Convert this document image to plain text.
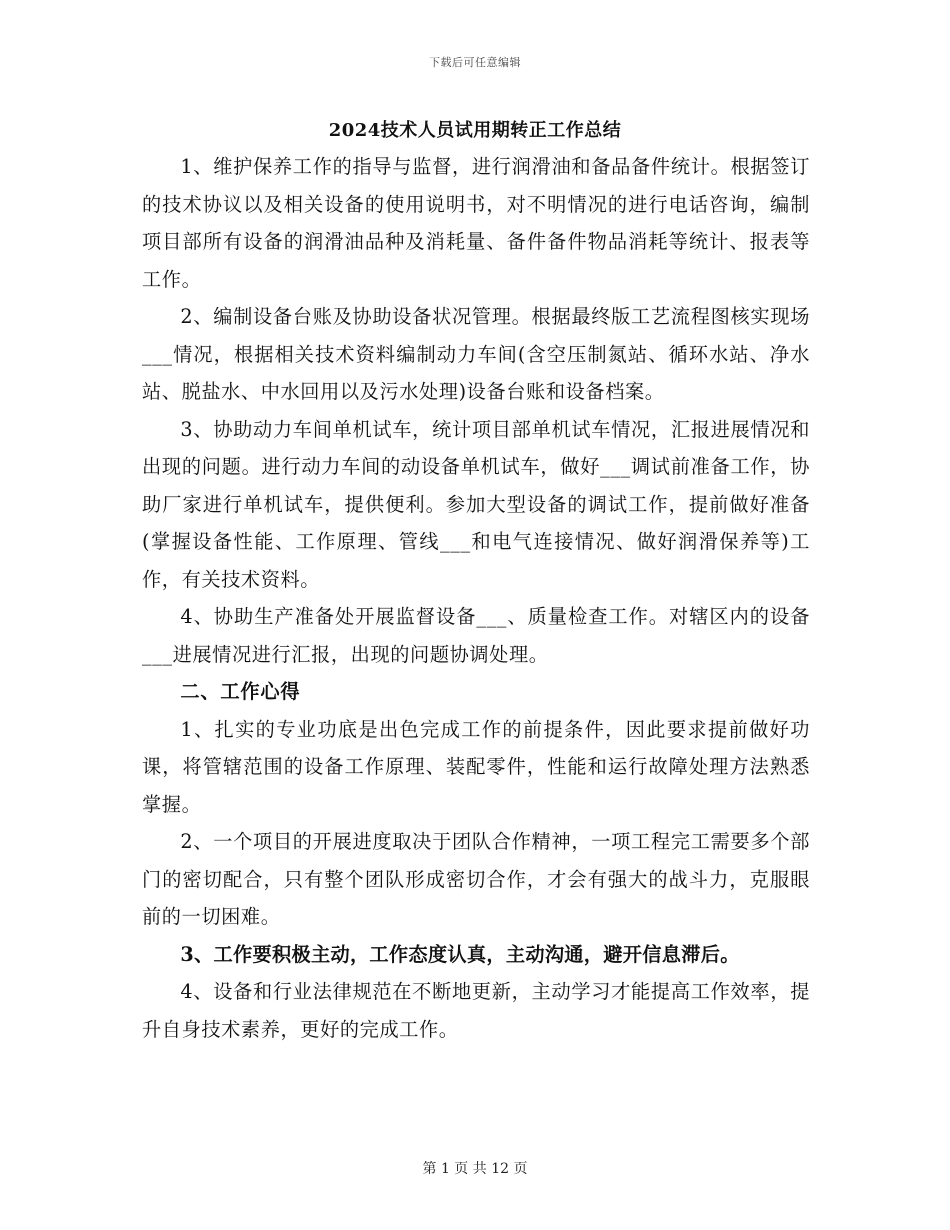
下载后可任意编辑
2024技术人员试用期转正工作总结

1、维护保养工作的指导与监督，进行润滑油和备品备件统计。根据签订的技术协议以及相关设备的使用说明书，对不明情况的进行电话咨询，编制项目部所有设备的润滑油品种及消耗量、备件备件物品消耗等统计、报表等工作。

2、编制设备台账及协助设备状况管理。根据最终版工艺流程图核实现场___情况，根据相关技术资料编制动力车间(含空压制氮站、循环水站、净水站、脱盐水、中水回用以及污水处理)设备台账和设备档案。

3、协助动力车间单机试车，统计项目部单机试车情况，汇报进展情况和出现的问题。进行动力车间的动设备单机试车，做好___调试前准备工作，协助厂家进行单机试车，提供便利。参加大型设备的调试工作，提前做好准备(掌握设备性能、工作原理、管线___和电气连接情况、做好润滑保养等)工作，有关技术资料。

4、协助生产准备处开展监督设备___、质量检查工作。对辖区内的设备___进展情况进行汇报，出现的问题协调处理。

二、工作心得

1、扎实的专业功底是出色完成工作的前提条件，因此要求提前做好功课，将管辖范围的设备工作原理、装配零件，性能和运行故障处理方法熟悉掌握。

2、一个项目的开展进度取决于团队合作精神，一项工程完工需要多个部门的密切配合，只有整个团队形成密切合作，才会有强大的战斗力，克服眼前的一切困难。

3、工作要积极主动，工作态度认真，主动沟通，避开信息滞后。

4、设备和行业法律规范在不断地更新，主动学习才能提高工作效率，提升自身技术素养，更好的完成工作。

第 1 页 共 12 页
